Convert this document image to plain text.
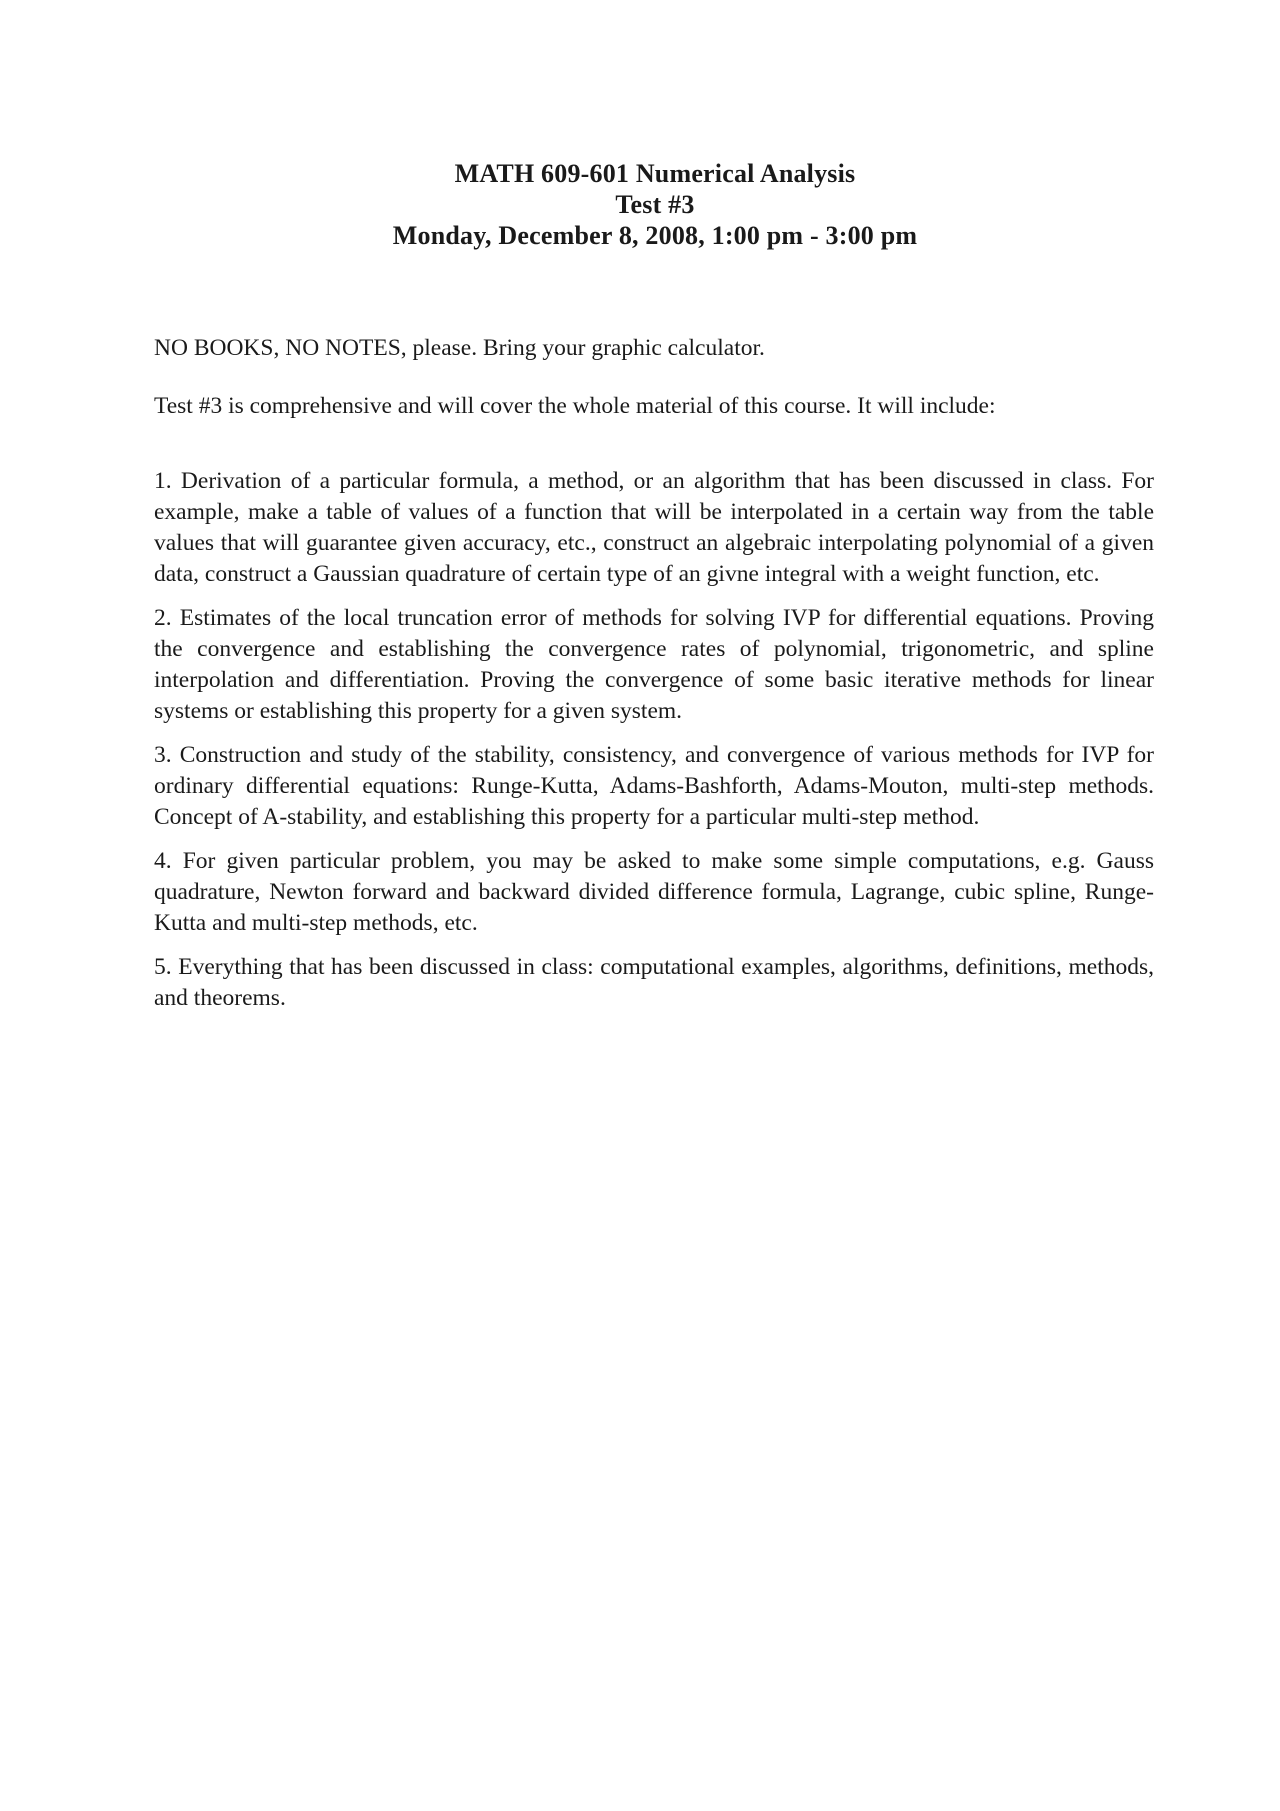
MATH 609-601 Numerical Analysis
Test #3
Monday, December 8, 2008, 1:00 pm - 3:00 pm

NO BOOKS, NO NOTES, please. Bring your graphic calculator.

Test #3 is comprehensive and will cover the whole material of this course. It will include:

1. Derivation of a particular formula, a method, or an algorithm that has been discussed in class. For example, make a table of values of a function that will be interpolated in a certain way from the table values that will guarantee given accuracy, etc., construct an algebraic interpolating polynomial of a given data, construct a Gaussian quadrature of certain type of an givne integral with a weight function, etc.

2. Estimates of the local truncation error of methods for solving IVP for differential equations. Proving the convergence and establishing the convergence rates of polynomial, trigonometric, and spline interpolation and differentiation. Proving the convergence of some basic iterative methods for linear systems or establishing this property for a given system.

3. Construction and study of the stability, consistency, and convergence of various methods for IVP for ordinary differential equations: Runge-Kutta, Adams-Bashforth, Adams-Mouton, multi-step methods. Concept of A-stability, and establishing this property for a particular multi-step method.

4. For given particular problem, you may be asked to make some simple computations, e.g. Gauss quadrature, Newton forward and backward divided difference formula, Lagrange, cubic spline, Runge-Kutta and multi-step methods, etc.

5. Everything that has been discussed in class: computational examples, algorithms, definitions, methods, and theorems.
